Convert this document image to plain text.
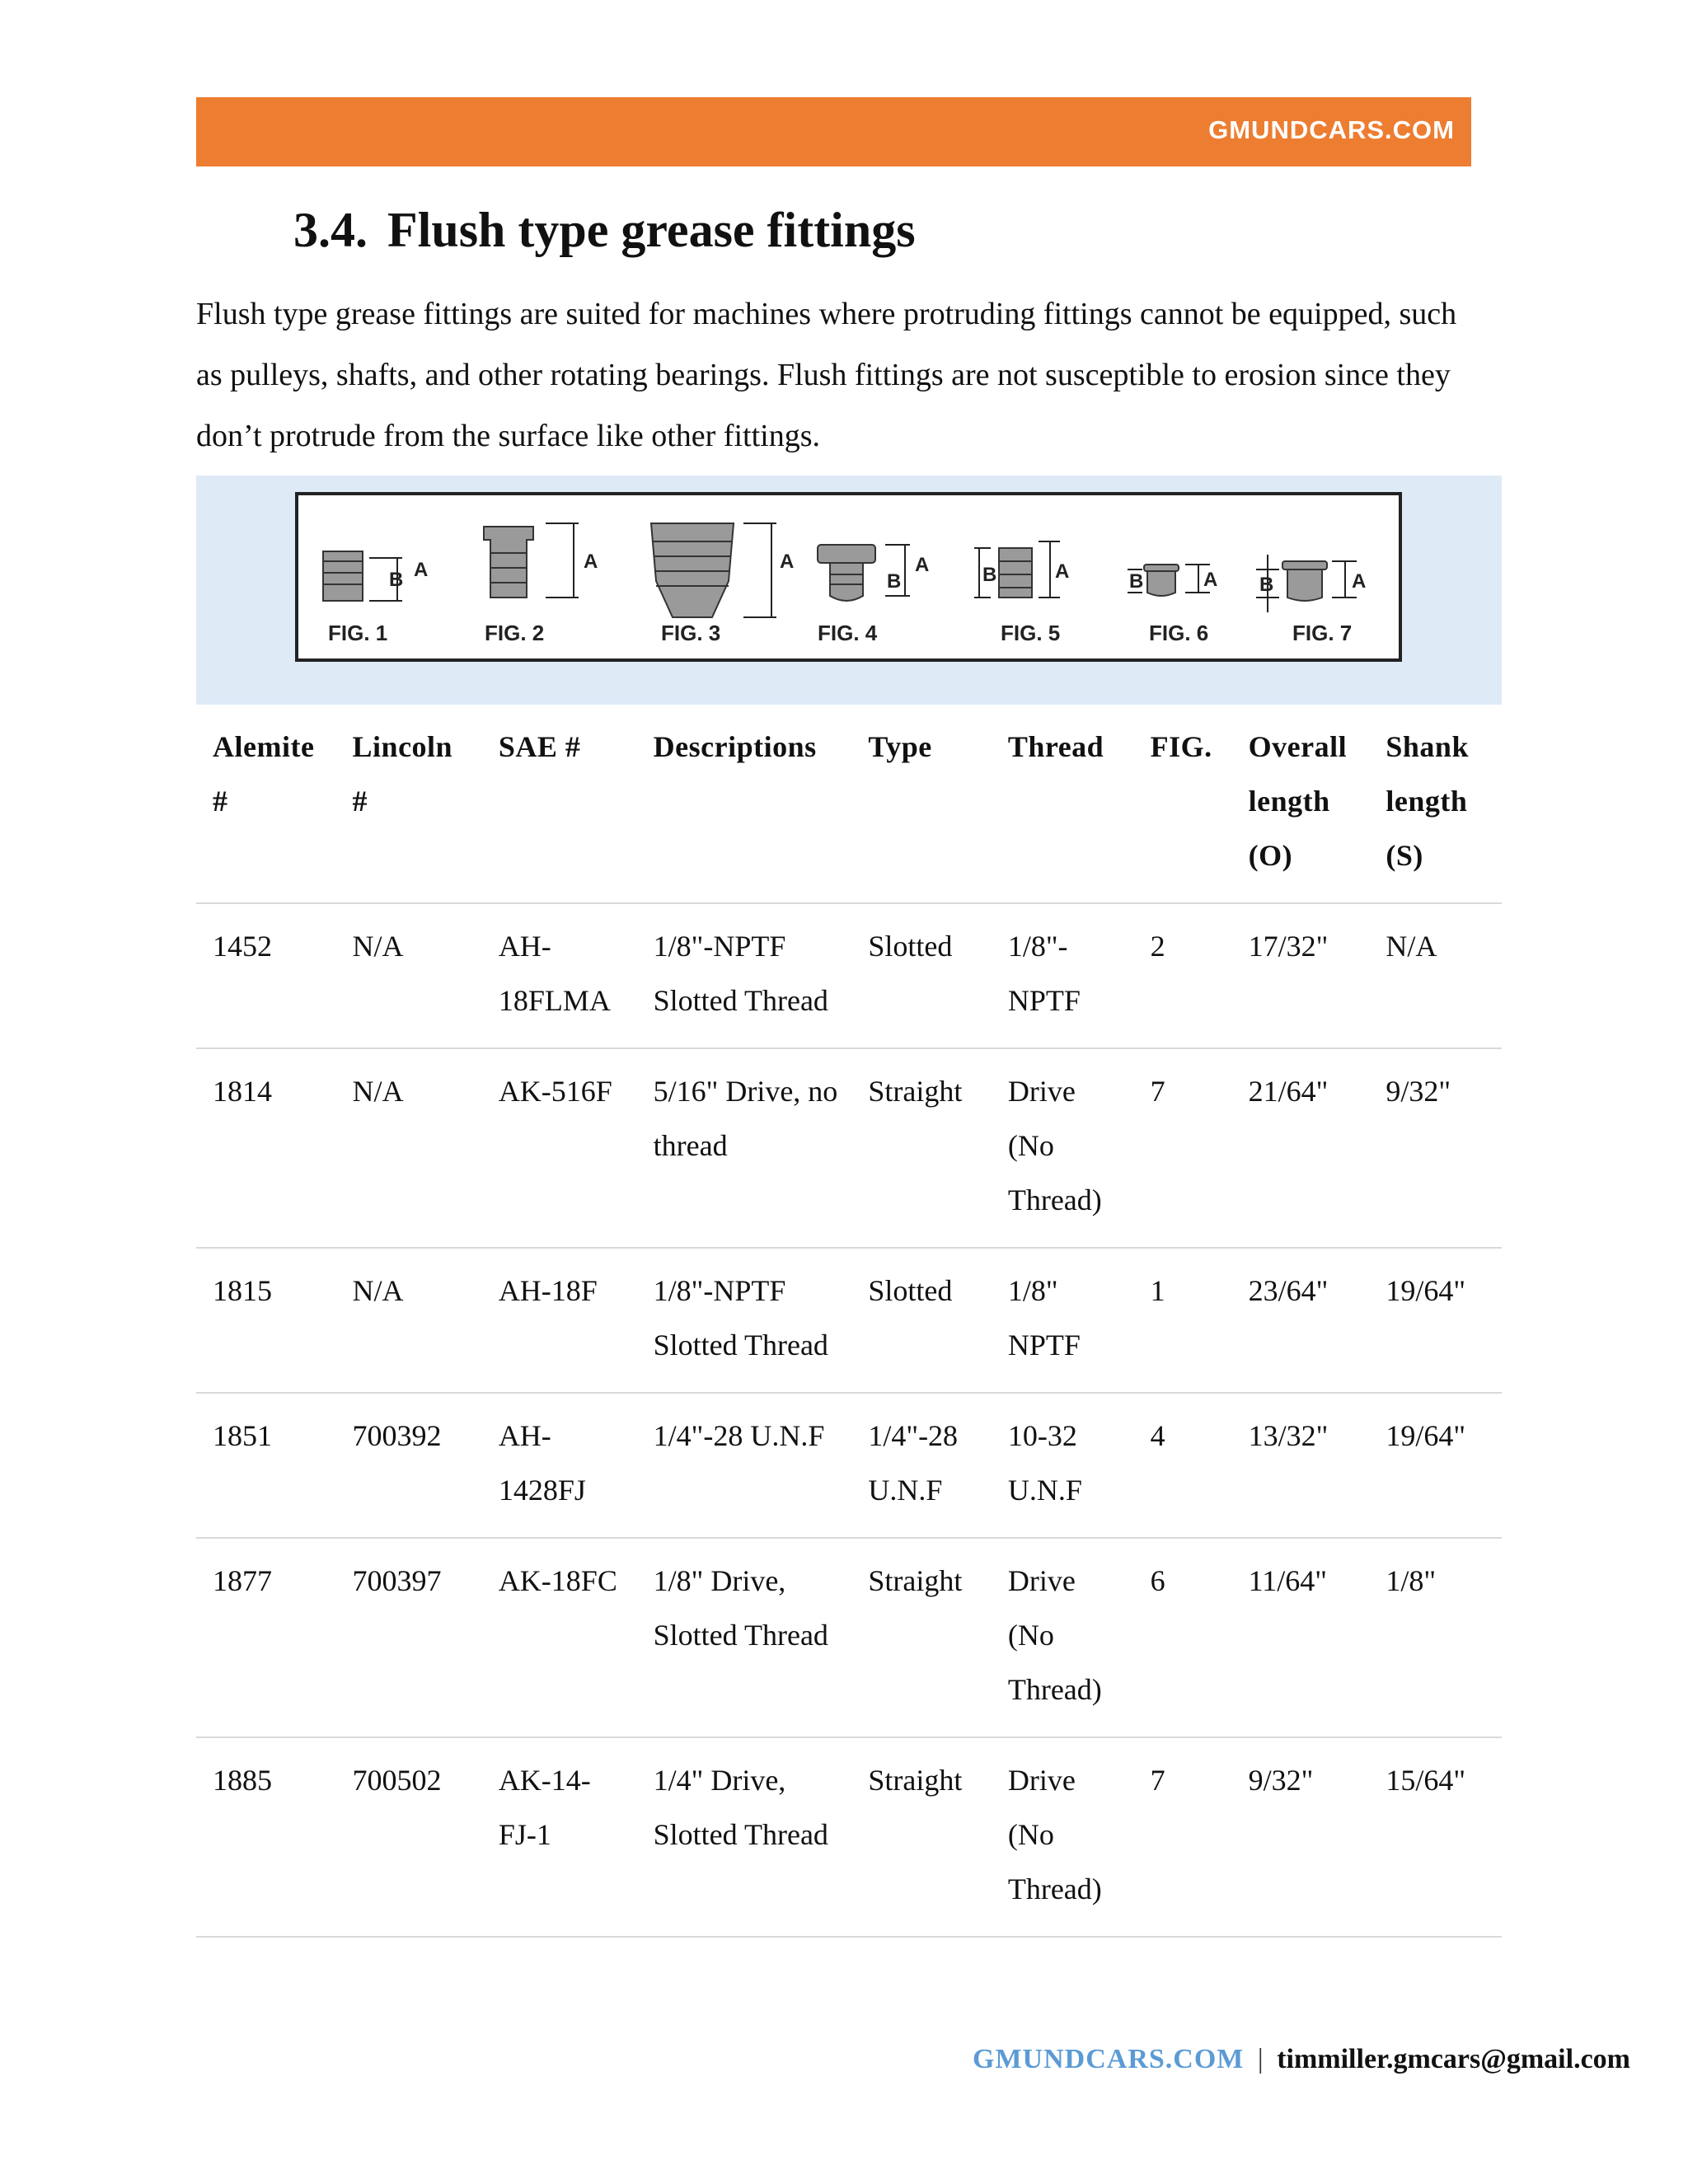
GMUNDCARS.COM
3.4. Flush type grease fittings

Flush type grease fittings are suited for machines where protruding fittings cannot be equipped, such as pulleys, shafts, and other rotating bearings. Flush fittings are not susceptible to erosion since they don’t protrude from the surface like other fittings.

B A	A	A
B
A	B	A	B	A B	A
FIG. 1	FIG. 2	FIG. 3	FIG. 4	FIG. 5	FIG. 6	FIG. 7
Alemite #	Lincoln #	SAE #	Descriptions	Type	Thread	FIG.	Overall length (O)	Shank length (S)
1452	N/A	AH-18FLMA	1/8"-NPTF Slotted Thread	Slotted	1/8"-NPTF	2	17/32"	N/A
1814	N/A	AK-516F	5/16" Drive, no thread	Straight	Drive (No Thread)	7	21/64"	9/32"
1815	N/A	AH-18F	1/8"-NPTF Slotted Thread	Slotted	1/8" NPTF	1	23/64"	19/64"
1851	700392	AH-1428FJ	1/4"-28 U.N.F	1/4"-28 U.N.F	10-32 U.N.F	4	13/32"	19/64"
1877	700397	AK-18FC	1/8" Drive, Slotted Thread	Straight	Drive (No Thread)	6	11/64"	1/8"
1885	700502	AK-14-FJ-1	1/4" Drive, Slotted Thread	Straight	Drive (No Thread)	7	9/32"	15/64"
GMUNDCARS.COM | timmiller.gmcars@gmail.com
